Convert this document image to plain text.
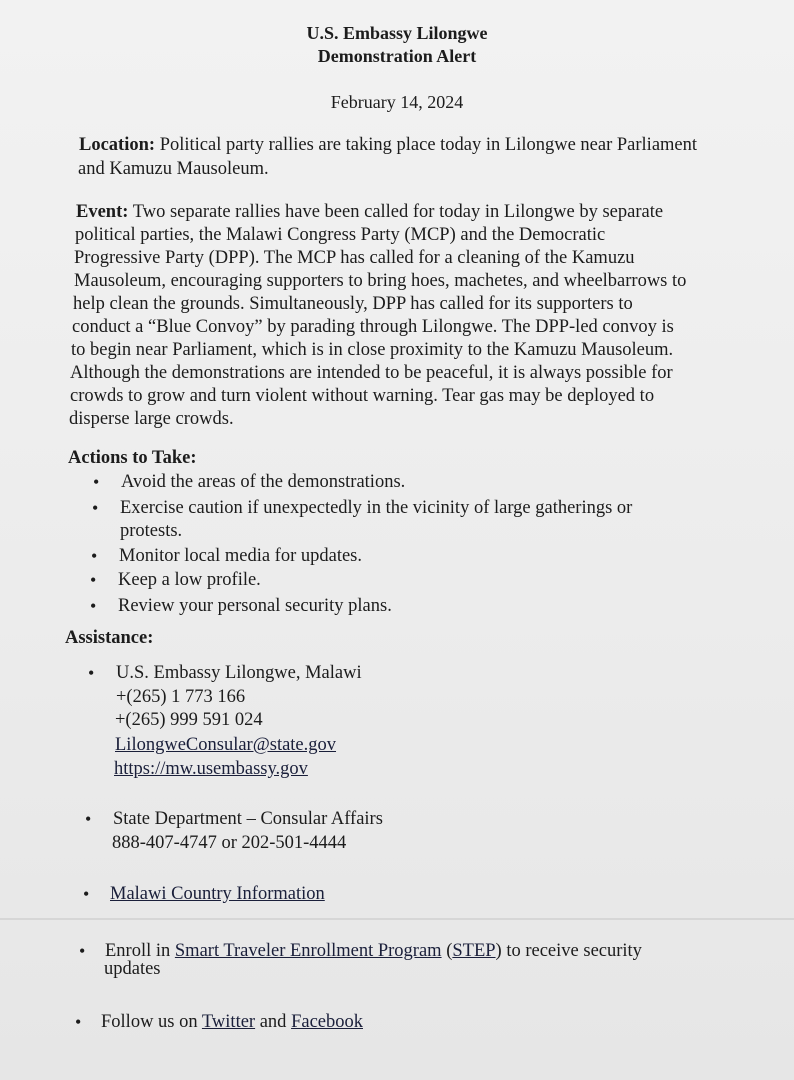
U.S. Embassy Lilongwe
Demonstration Alert
February 14, 2024
Location: Political party rallies are taking place today in Lilongwe near Parliament
and Kamuzu Mausoleum.
Event: Two separate rallies have been called for today in Lilongwe by separate
political parties, the Malawi Congress Party (MCP) and the Democratic
Progressive Party (DPP). The MCP has called for a cleaning of the Kamuzu
Mausoleum, encouraging supporters to bring hoes, machetes, and wheelbarrows to
help clean the grounds. Simultaneously, DPP has called for its supporters to
conduct a “Blue Convoy” by parading through Lilongwe. The DPP-led convoy is
to begin near Parliament, which is in close proximity to the Kamuzu Mausoleum.
Although the demonstrations are intended to be peaceful, it is always possible for
crowds to grow and turn violent without warning. Tear gas may be deployed to
disperse large crowds.
Actions to Take:
• Avoid the areas of the demonstrations.
• Exercise caution if unexpectedly in the vicinity of large gatherings or
protests.
• Monitor local media for updates.
• Keep a low profile.
• Review your personal security plans.
Assistance:
• U.S. Embassy Lilongwe, Malawi
+(265) 1 773 166
+(265) 999 591 024
LilongweConsular@state.gov
https://mw.usembassy.gov
• State Department – Consular Affairs
888-407-4747 or 202-501-4444
• Malawi Country Information
• Enroll in Smart Traveler Enrollment Program (STEP) to receive security
updates
• Follow us on Twitter and Facebook
